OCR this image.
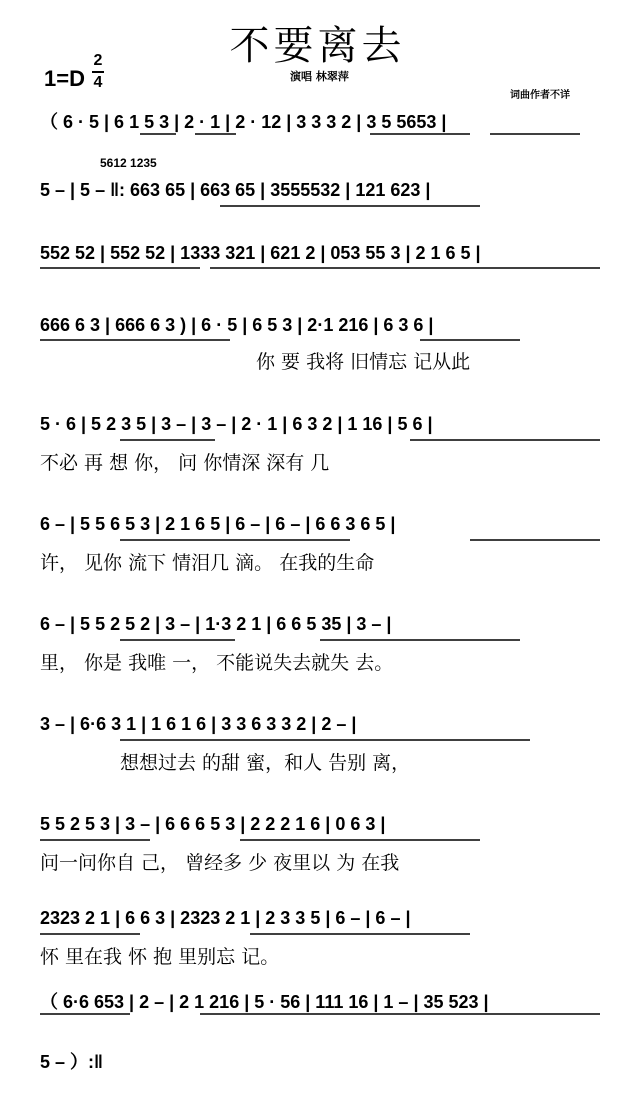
不要离去
1=D
2
4	演唱 林翠萍
词曲作者不详
（ 6 · 5 | 6 1 5 3 | 2 · 1 | 2 · 12 | 3 3 3 2 | 3 5 5653 |
5612 1235
5 – | 5 – ‖: 663 65 | 663 65 | 3555532 | 121 623 |
552 52 | 552 52 | 1333 321 | 621 2 | 053 55 3 | 2 1 6 5 |
666 6 3 | 666 6 3 ) | 6 · 5 | 6 5 3 | 2·1 216 | 6 3 6 |
你 要 我将 旧情忘 记从此
5 · 6 | 5 2 3 5 | 3 – | 3 – | 2 · 1 | 6 3 2 | 1 16 | 5 6 |
不必 再 想 你， 问 你情深 深有 几
6 – | 5 5 6 5 3 | 2 1 6 5 | 6 – | 6 – | 6 6 3 6 5 |
许， 见你 流下 情泪几 滴。 在我的生命
6 – | 5 5 2 5 2 | 3 – | 1·3 2 1 | 6 6 5 35 | 3 – |
里， 你是 我唯 一， 不能说失去就失 去。
3 – | 6·6 3 1 | 1 6 1 6 | 3 3 6 3 3 2 | 2 – |
想想过去 的甜 蜜，和人 告别 离，
5 5 2 5 3 | 3 – | 6 6 6 5 3 | 2 2 2 1 6 | 0 6 3 |
问一问你自 己， 曾经多 少 夜里以 为 在我
2323 2 1 | 6 6 3 | 2323 2 1 | 2 3 3 5 | 6 – | 6 – |
怀 里在我 怀 抱 里别忘 记。
（ 6·6 653 | 2 – | 2 1 216 | 5 · 56 | 111 16 | 1 – | 35 523 |
5 – ）:‖
